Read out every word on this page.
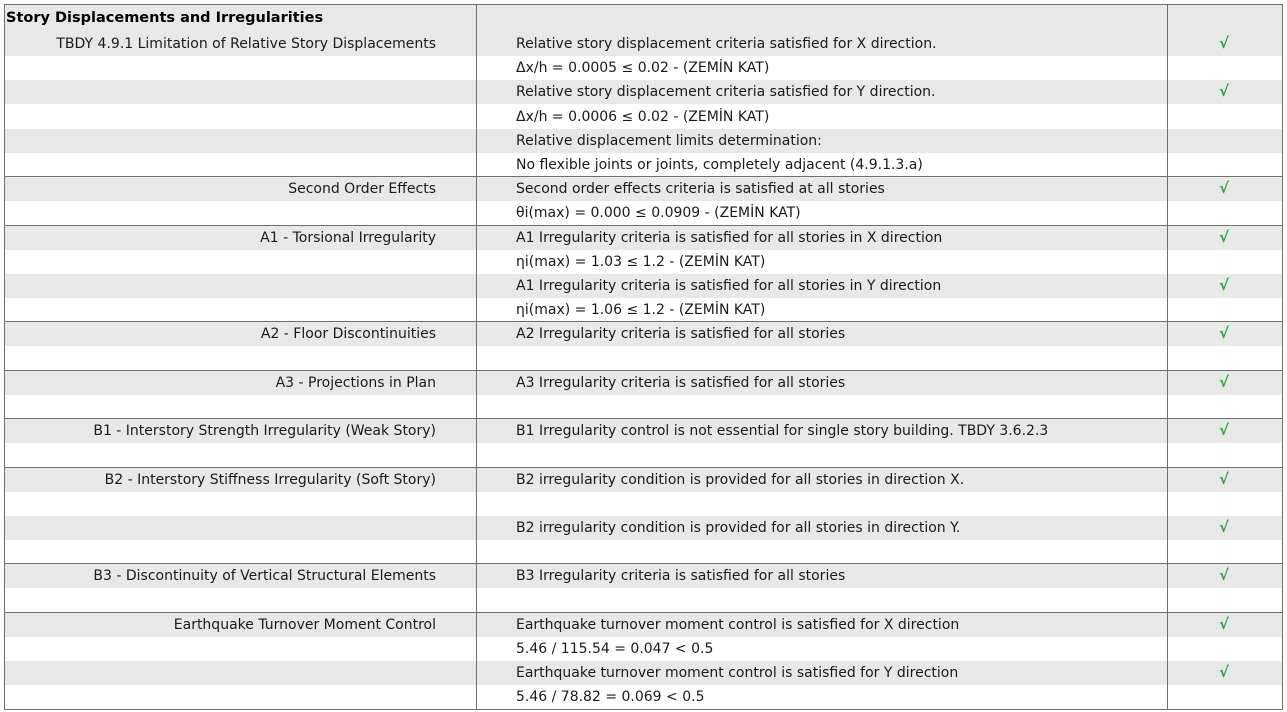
Story Displacements and Irregularities
TBDY 4.9.1 Limitation of Relative Story Displacements	Relative story displacement criteria satisfied for X direction.	√
Δx/h = 0.0005 ≤ 0.02 - (ZEMİN KAT)
Relative story displacement criteria satisfied for Y direction.	√
Δx/h = 0.0006 ≤ 0.02 - (ZEMİN KAT)
Relative displacement limits determination:
No flexible joints or joints, completely adjacent (4.9.1.3.a)
Second Order Effects	Second order effects criteria is satisfied at all stories	√
θi(max) = 0.000 ≤ 0.0909 - (ZEMİN KAT)
A1 - Torsional Irregularity	A1 Irregularity criteria is satisfied for all stories in X direction	√
ηi(max) = 1.03 ≤ 1.2 - (ZEMİN KAT)
A1 Irregularity criteria is satisfied for all stories in Y direction	√
ηi(max) = 1.06 ≤ 1.2 - (ZEMİN KAT)
A2 - Floor Discontinuities	A2 Irregularity criteria is satisfied for all stories	√
A3 - Projections in Plan	A3 Irregularity criteria is satisfied for all stories	√
B1 - Interstory Strength Irregularity (Weak Story)	B1 Irregularity control is not essential for single story building. TBDY 3.6.2.3	√
B2 - Interstory Stiffness Irregularity (Soft Story)	B2 irregularity condition is provided for all stories in direction X.	√
B2 irregularity condition is provided for all stories in direction Y.	√
B3 - Discontinuity of Vertical Structural Elements	B3 Irregularity criteria is satisfied for all stories	√
Earthquake Turnover Moment Control	Earthquake turnover moment control is satisfied for X direction	√
5.46 / 115.54 = 0.047 < 0.5
Earthquake turnover moment control is satisfied for Y direction	√
5.46 / 78.82 = 0.069 < 0.5
